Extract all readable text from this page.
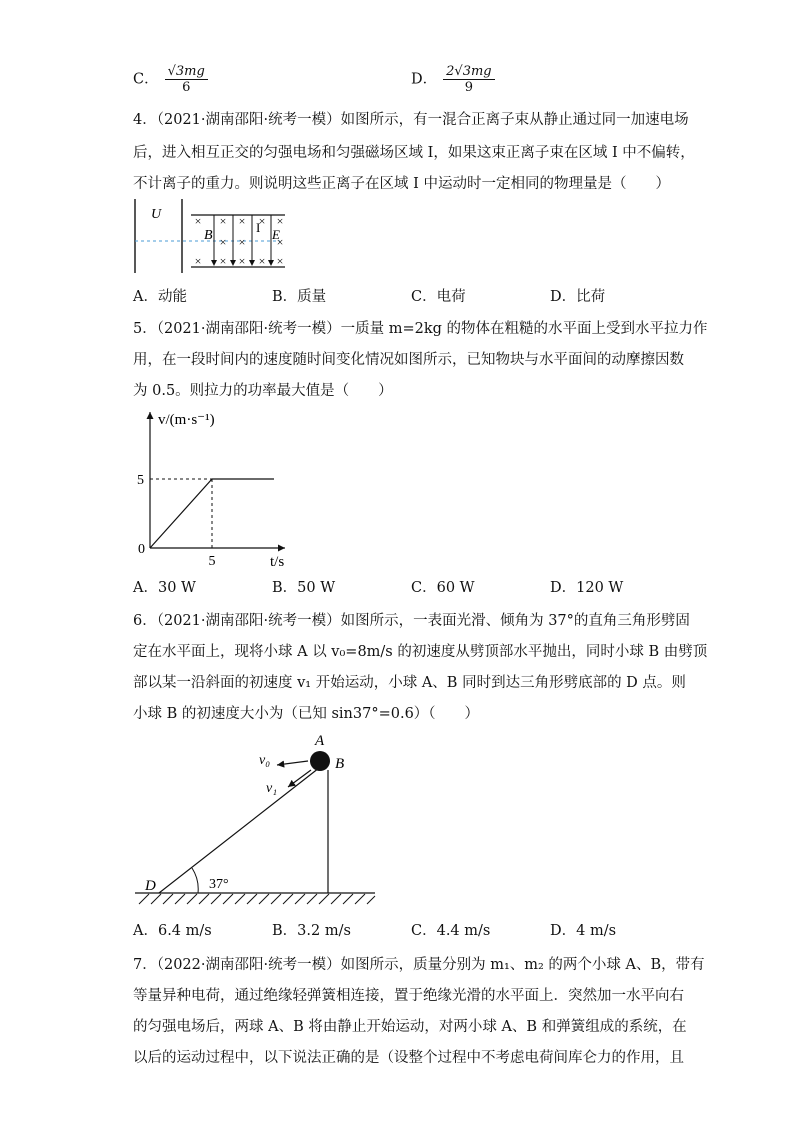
C． $\frac{√3mg}{6}$	D． $\frac{2√3mg}{9}$
4．（2021·湖南邵阳·统考一模）如图所示，有一混合正离子束从静止通过同一加速电场
后，进入相互正交的匀强电场和匀强磁场区域 I，如果这束正离子束在区域 I 中不偏转，
不计离子的重力。则说明这些正离子在区域 I 中运动时一定相同的物理量是（　　）
U	× × × × ×
× ×	×
× × × × ×
B
I E
A．动能	B．质量	C．电荷	D．比荷
5．（2021·湖南邵阳·统考一模）一质量 m=2kg 的物体在粗糙的水平面上受到水平拉力作
用，在一段时间内的速度随时间变化情况如图所示，已知物块与水平面间的动摩擦因数
为 0.5。则拉力的功率最大值是（　　）
v/(m·s⁻¹)
t/s
0
5
5
A．30 W	B．50 W	C．60 W	D．120 W
6．（2021·湖南邵阳·统考一模）如图所示，一表面光滑、倾角为 37°的直角三角形劈固
定在水平面上，现将小球 A 以 v₀=8m/s 的初速度从劈顶部水平抛出，同时小球 B 由劈顶
部以某一沿斜面的初速度 v₁ 开始运动，小球 A、B 同时到达三角形劈底部的 D 点。则
小球 B 的初速度大小为（已知 sin37°=0.6）（　　）
37°
D
A
B
v₀
v₁
A．6.4 m/s	B．3.2 m/s	C．4.4 m/s	D．4 m/s
7．（2022·湖南邵阳·统考一模）如图所示，质量分别为 m₁、m₂ 的两个小球 A、B，带有
等量异种电荷，通过绝缘轻弹簧相连接，置于绝缘光滑的水平面上．突然加一水平向右
的匀强电场后，两球 A、B 将由静止开始运动，对两小球 A、B 和弹簧组成的系统，在
以后的运动过程中，以下说法正确的是（设整个过程中不考虑电荷间库仑力的作用，且
